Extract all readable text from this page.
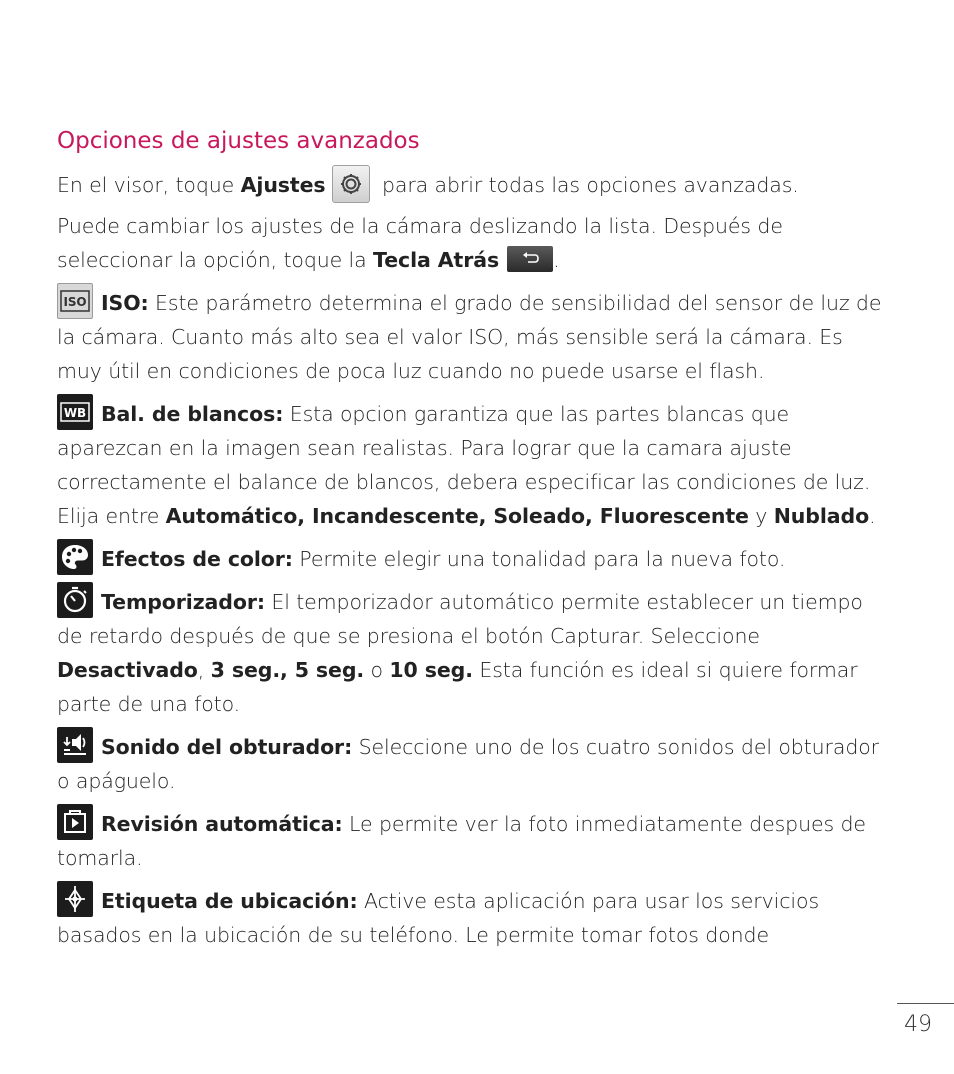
Opciones de ajustes avanzados

En el visor, toque Ajustes para abrir todas las opciones avanzadas.

Puede cambiar los ajustes de la cámara deslizando la lista. Después de seleccionar la opción, toque la Tecla Atrás	.

ISO ISO: Este parámetro determina el grado de sensibilidad del sensor de luz de la cámara. Cuanto más alto sea el valor ISO, más sensible será la cámara. Es muy útil en condiciones de poca luz cuando no puede usarse el flash.

WB Bal. de blancos: Esta opcion garantiza que las partes blancas que aparezcan en la imagen sean realistas. Para lograr que la camara ajuste correctamente el balance de blancos, debera especificar las condiciones de luz. Elija entre Automático, Incandescente, Soleado, Fluorescente y Nublado.

Efectos de color: Permite elegir una tonalidad para la nueva foto.

Temporizador: El temporizador automático permite establecer un tiempo de retardo después de que se presiona el botón Capturar. Seleccione Desactivado, 3 seg., 5 seg. o 10 seg. Esta función es ideal si quiere formar parte de una foto.

Sonido del obturador: Seleccione uno de los cuatro sonidos del obturador o apáguelo.

Revisión automática: Le permite ver la foto inmediatamente despues de tomarla.

Etiqueta de ubicación: Active esta aplicación para usar los servicios basados en la ubicación de su teléfono. Le permite tomar fotos donde

49
